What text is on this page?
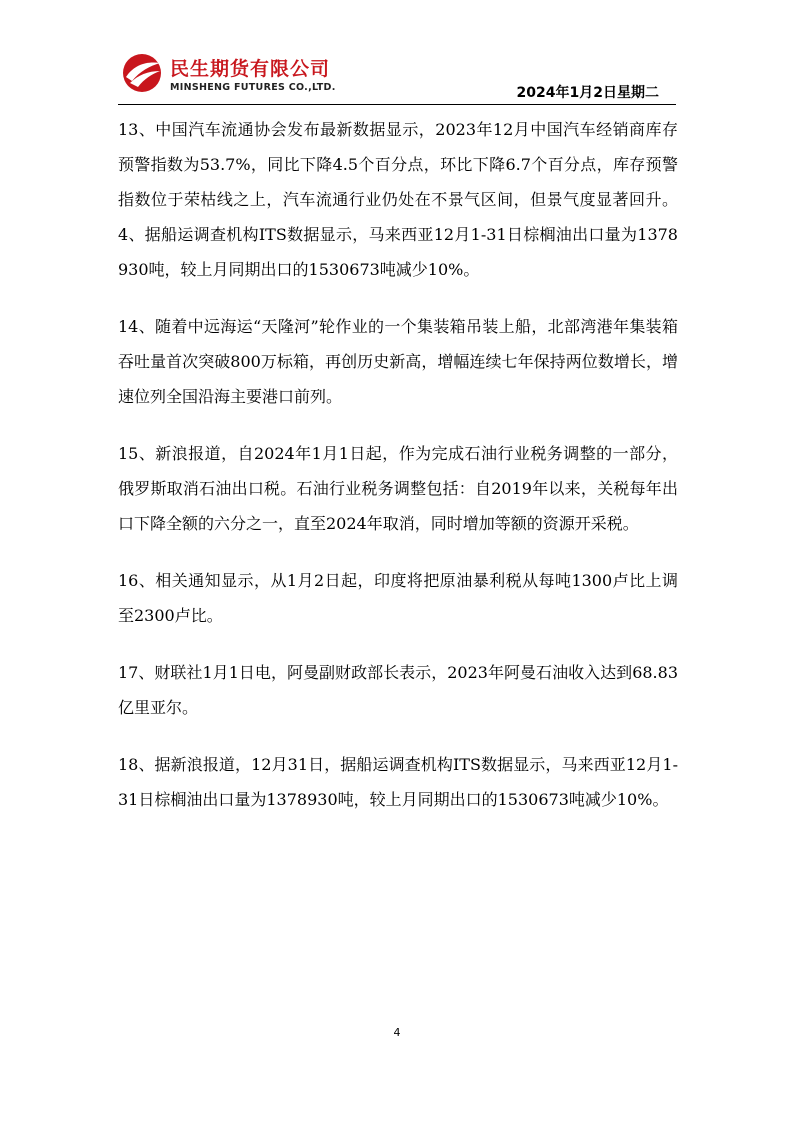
民生期货有限公司
MINSHENG FUTURES CO.,LTD.	2024年1月2日星期二

13、中国汽车流通协会发布最新数据显示，2023年12月中国汽车经销商库存预警指数为53.7%，同比下降4.5个百分点，环比下降6.7个百分点，库存预警指数位于荣枯线之上，汽车流通行业仍处在不景气区间，但景气度显著回升。4、据船运调查机构ITS数据显示，马来西亚12月1-31日棕榈油出口量为1378930吨，较上月同期出口的1530673吨减少10%。

14、随着中远海运“天隆河”轮作业的一个集装箱吊装上船，北部湾港年集装箱吞吐量首次突破800万标箱，再创历史新高，增幅连续七年保持两位数增长，增速位列全国沿海主要港口前列。

15、新浪报道，自2024年1月1日起，作为完成石油行业税务调整的一部分，俄罗斯取消石油出口税。石油行业税务调整包括：自2019年以来，关税每年出口下降全额的六分之一，直至2024年取消，同时增加等额的资源开采税。

16、相关通知显示，从1月2日起，印度将把原油暴利税从每吨1300卢比上调至2300卢比。

17、财联社1月1日电，阿曼副财政部长表示，2023年阿曼石油收入达到68.83亿里亚尔。

18、据新浪报道，12月31日，据船运调查机构ITS数据显示，马来西亚12月1-31日棕榈油出口量为1378930吨，较上月同期出口的1530673吨减少10%。

4
